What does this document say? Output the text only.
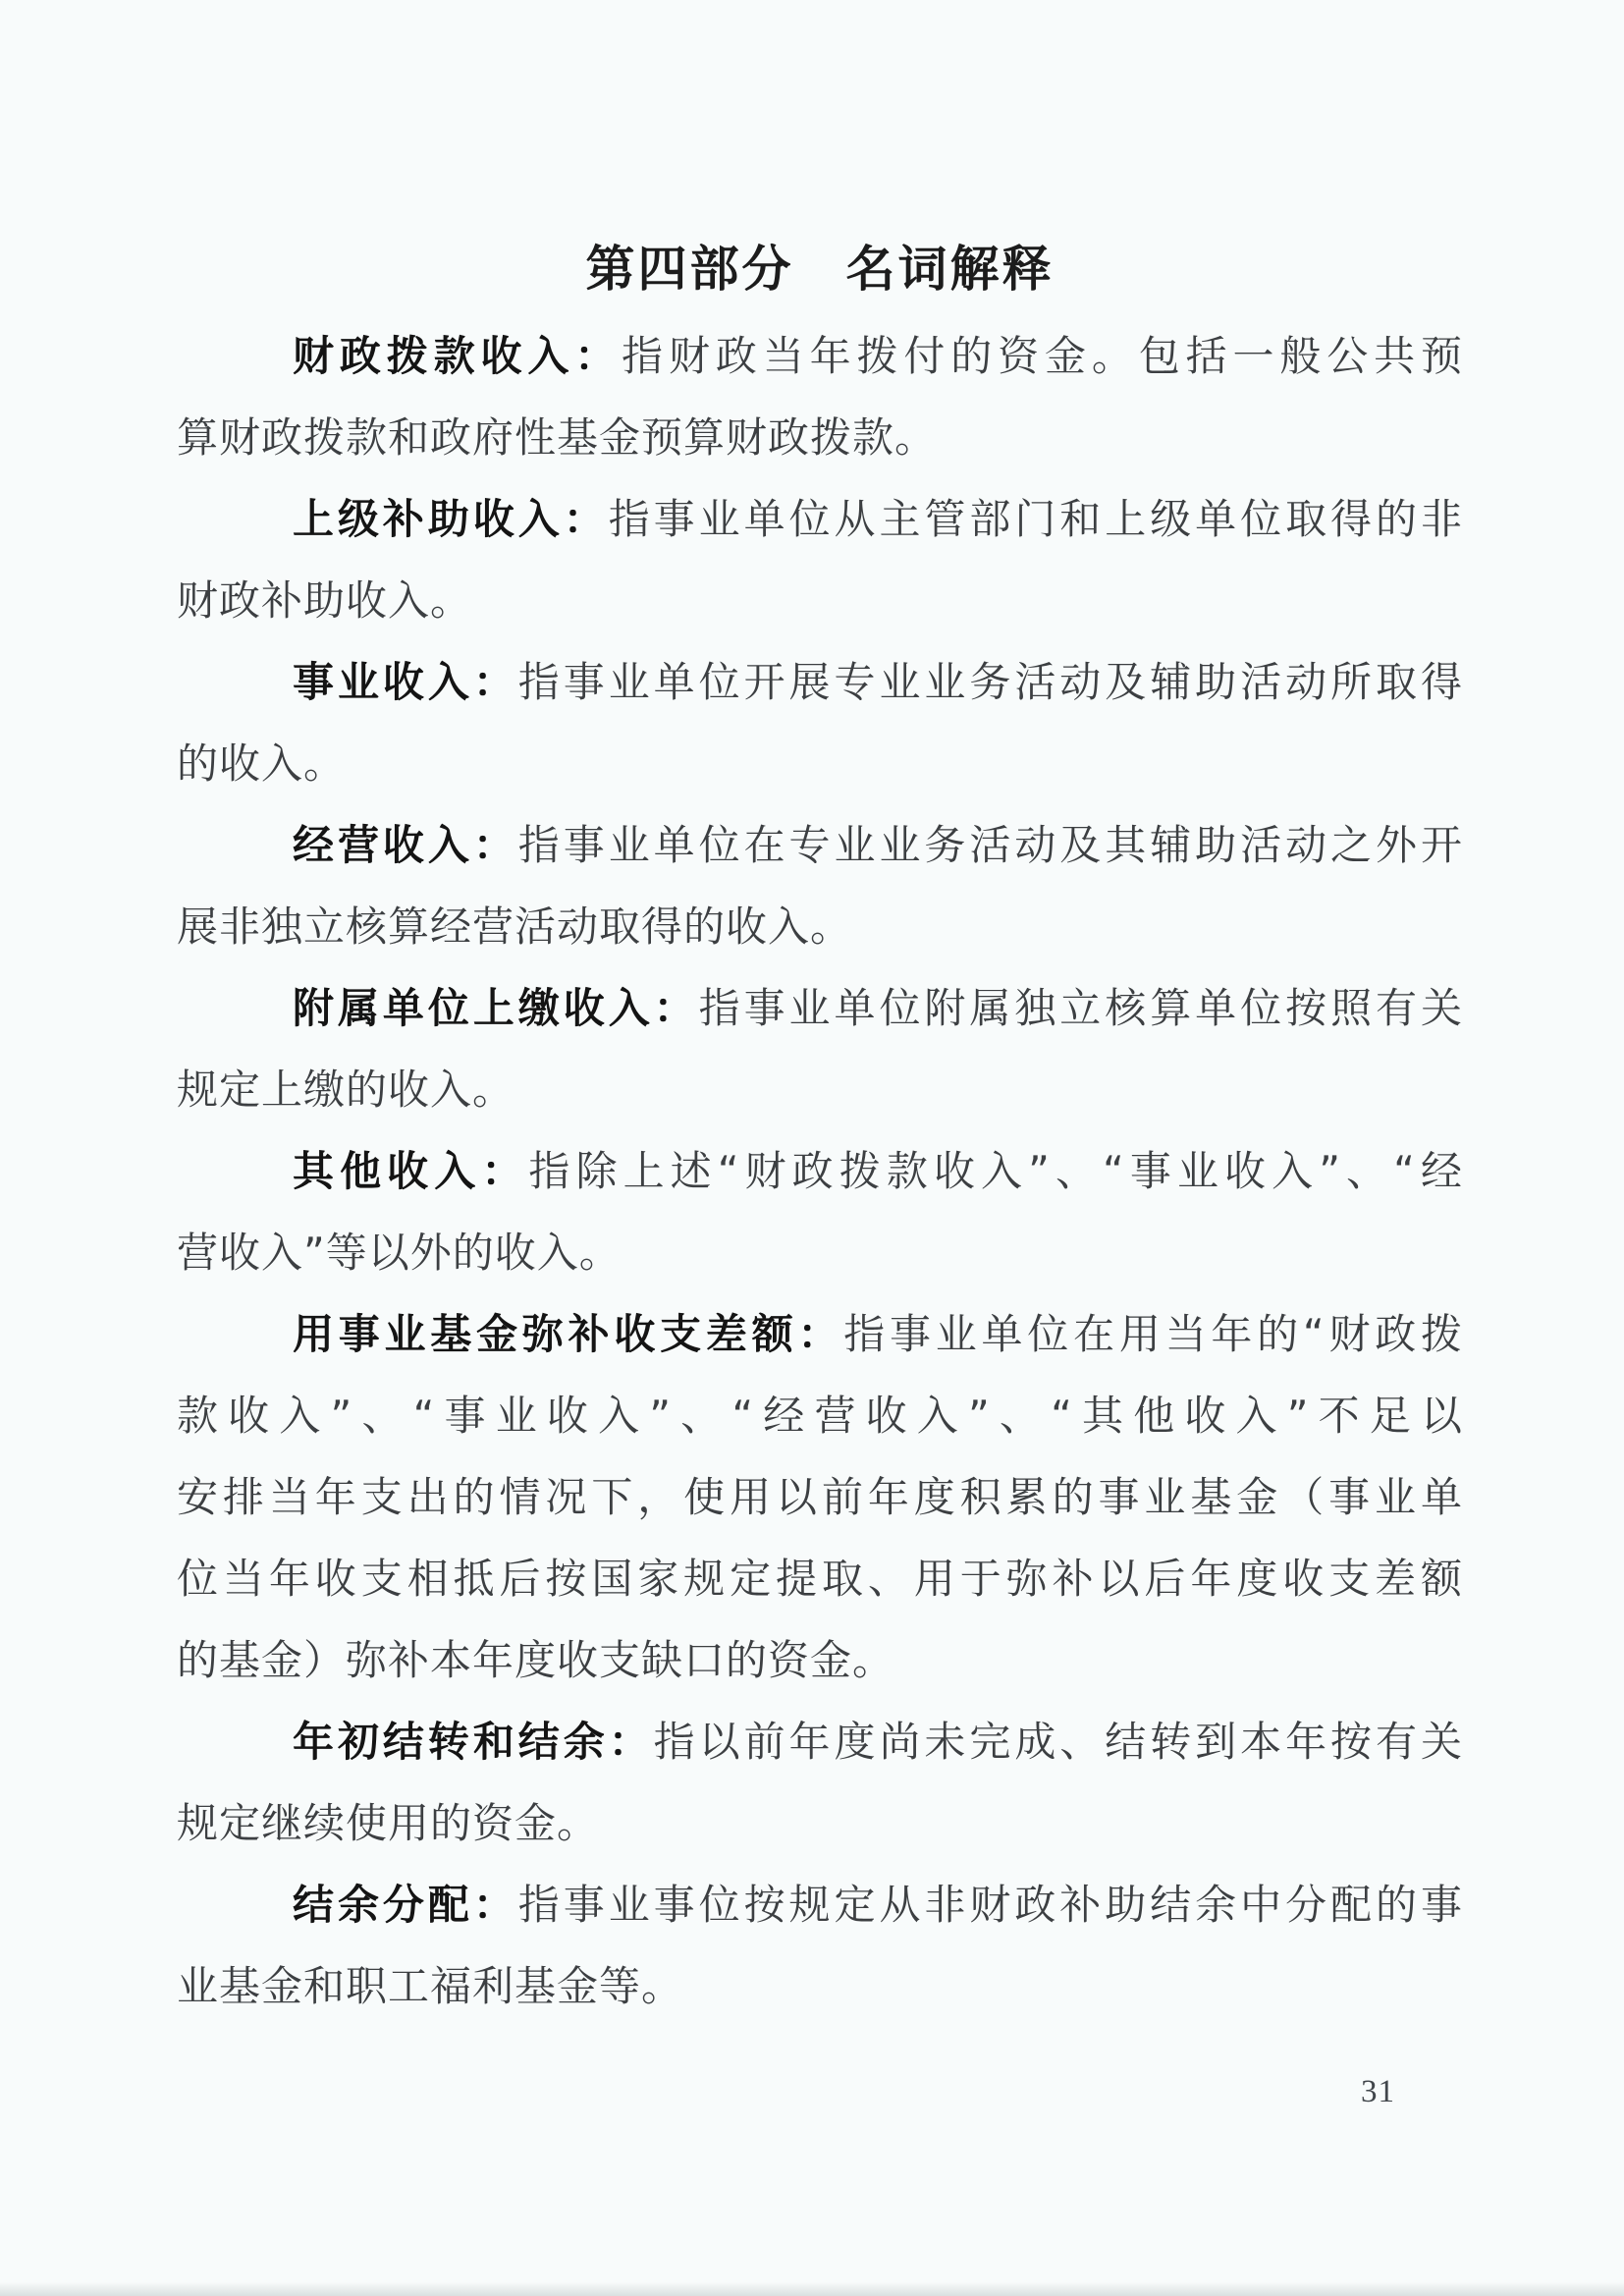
第四部分　名词解释
财政拨款收入：指财政当年拨付的资金。包括一般公共预
算财政拨款和政府性基金预算财政拨款。
上级补助收入：指事业单位从主管部门和上级单位取得的非
财政补助收入。
事业收入：指事业单位开展专业业务活动及辅助活动所取得
的收入。
经营收入：指事业单位在专业业务活动及其辅助活动之外开
展非独立核算经营活动取得的收入。
附属单位上缴收入：指事业单位附属独立核算单位按照有关
规定上缴的收入。
其他收入：指除上述“财政拨款收入”、“事业收入”、“经
营收入”等以外的收入。
用事业基金弥补收支差额：指事业单位在用当年的“财政拨
款收入”、“事业收入”、“经营收入”、“其他收入”不足以
安排当年支出的情况下，使用以前年度积累的事业基金（事业单
位当年收支相抵后按国家规定提取、用于弥补以后年度收支差额
的基金）弥补本年度收支缺口的资金。
年初结转和结余：指以前年度尚未完成、结转到本年按有关
规定继续使用的资金。
结余分配：指事业事位按规定从非财政补助结余中分配的事
业基金和职工福利基金等。
31
